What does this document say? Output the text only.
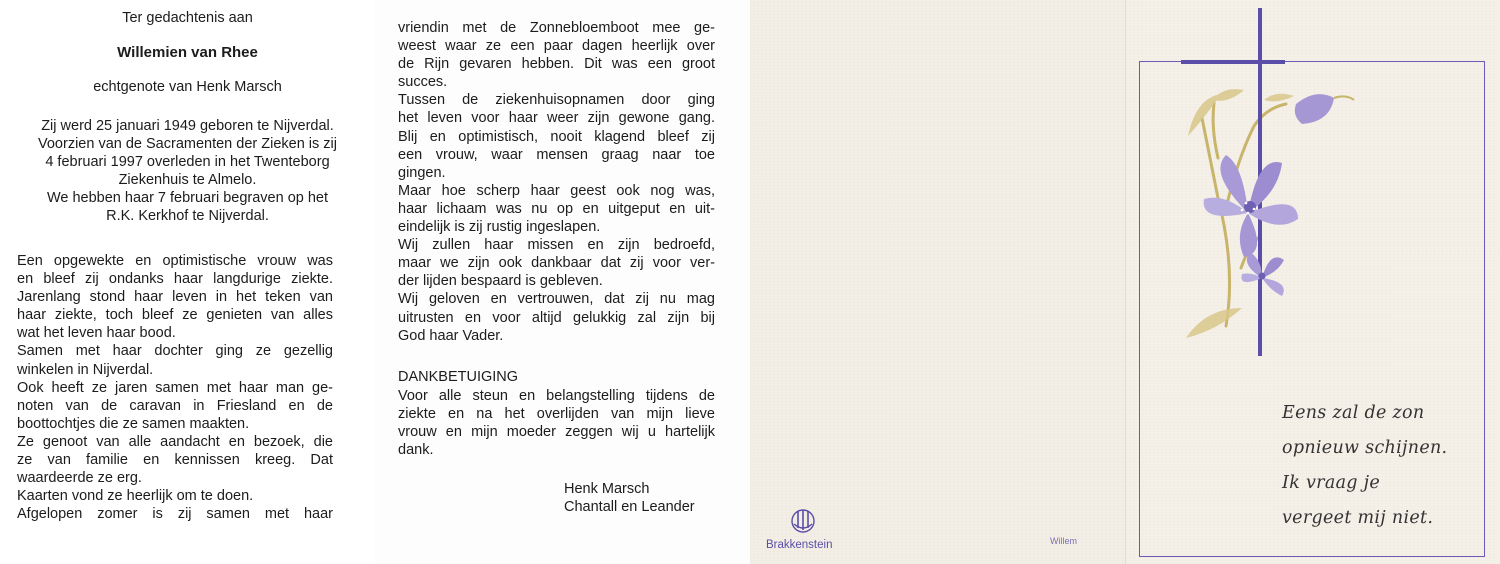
Ter gedachtenis aan
Willemien van Rhee
echtgenote van Henk Marsch
Zij werd 25 januari 1949 geboren te Nijverdal.
Voorzien van de Sacramenten der Zieken is zij
4 februari 1997 overleden in het Twenteborg
Ziekenhuis te Almelo.
We hebben haar 7 februari begraven op het
R.K. Kerkhof te Nijverdal.
Een opgewekte en optimistische vrouw was
en bleef zij ondanks haar langdurige ziekte.
Jarenlang stond haar leven in het teken van
haar ziekte, toch bleef ze genieten van alles
wat het leven haar bood.
Samen met haar dochter ging ze gezellig
winkelen in Nijverdal.
Ook heeft ze jaren samen met haar man ge-
noten van de caravan in Friesland en de
boottochtjes die ze samen maakten.
Ze genoot van alle aandacht en bezoek, die
ze van familie en kennissen kreeg. Dat
waardeerde ze erg.
Kaarten vond ze heerlijk om te doen.
Afgelopen zomer is zij samen met haar
vriendin met de Zonnebloemboot mee ge-
weest waar ze een paar dagen heerlijk over
de Rijn gevaren hebben. Dit was een groot
succes.
Tussen de ziekenhuisopnamen door ging
het leven voor haar weer zijn gewone gang.
Blij en optimistisch, nooit klagend bleef zij
een vrouw, waar mensen graag naar toe
gingen.
Maar hoe scherp haar geest ook nog was,
haar lichaam was nu op en uitgeput en uit-
eindelijk is zij rustig ingeslapen.
Wij zullen haar missen en zijn bedroefd,
maar we zijn ook dankbaar dat zij voor ver-
der lijden bespaard is gebleven.
Wij geloven en vertrouwen, dat zij nu mag
uitrusten en voor altijd gelukkig zal zijn bij
God haar Vader.
DANKBETUIGING
Voor alle steun en belangstelling tijdens de
ziekte en na het overlijden van mijn lieve
vrouw en mijn moeder zeggen wij u hartelijk
dank.
Henk Marsch
Chantall en Leander
Brakkenstein	Willem
Eens zal de zon
opnieuw schijnen.
Ik vraag je
vergeet mij niet.
